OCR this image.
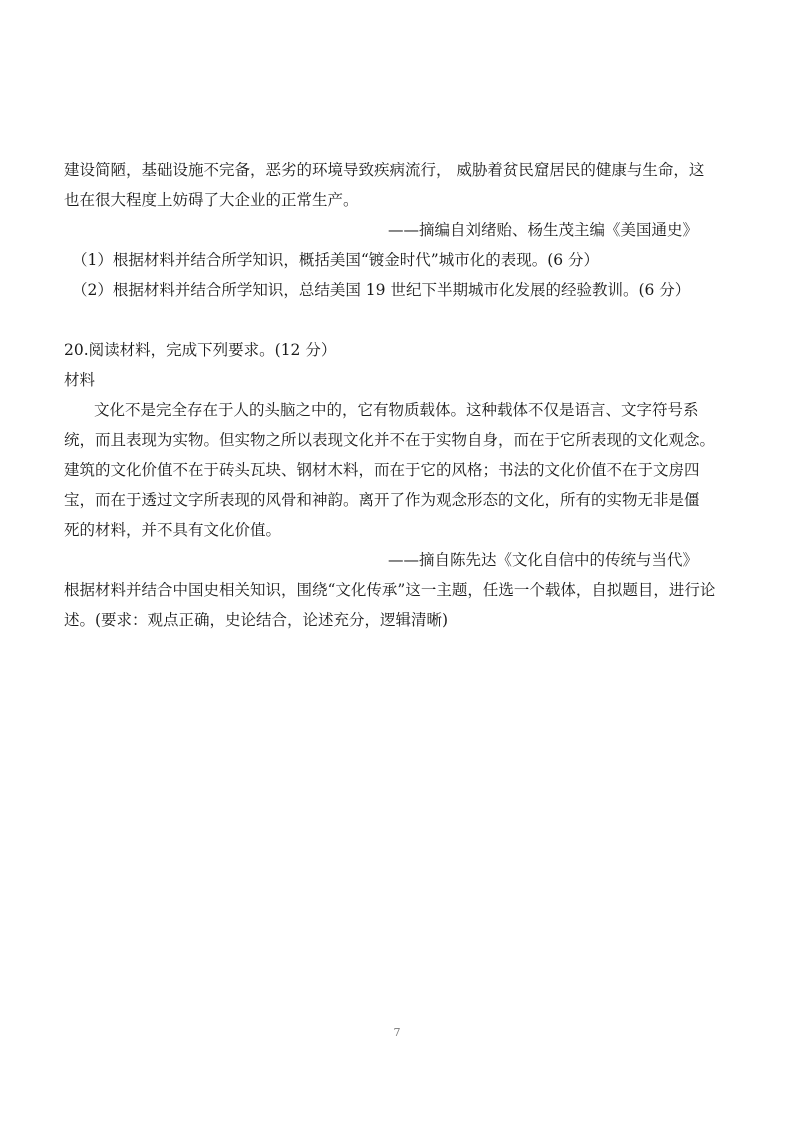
建设简陋，基础设施不完备，恶劣的环境导致疾病流行， 威胁着贫民窟居民的健康与生命，这
也在很大程度上妨碍了大企业的正常生产。
——摘编自刘绪贻、杨生茂主编《美国通史》
（1）根据材料并结合所学知识，概括美国“镀金时代”城市化的表现。(6 分）
（2）根据材料并结合所学知识，总结美国 19 世纪下半期城市化发展的经验教训。(6 分）
20.阅读材料，完成下列要求。(12 分）
材料
文化不是完全存在于人的头脑之中的，它有物质载体。这种载体不仅是语言、文字符号系
统，而且表现为实物。但实物之所以表现文化并不在于实物自身，而在于它所表现的文化观念。
建筑的文化价值不在于砖头瓦块、钢材木料，而在于它的风格；书法的文化价值不在于文房四
宝，而在于透过文字所表现的风骨和神韵。离开了作为观念形态的文化，所有的实物无非是僵
死的材料，并不具有文化价值。
——摘自陈先达《文化自信中的传统与当代》
根据材料并结合中国史相关知识，围绕“文化传承”这一主题，任选一个载体，自拟题目，进行论
述。(要求：观点正确，史论结合，论述充分，逻辑清晰)
7
